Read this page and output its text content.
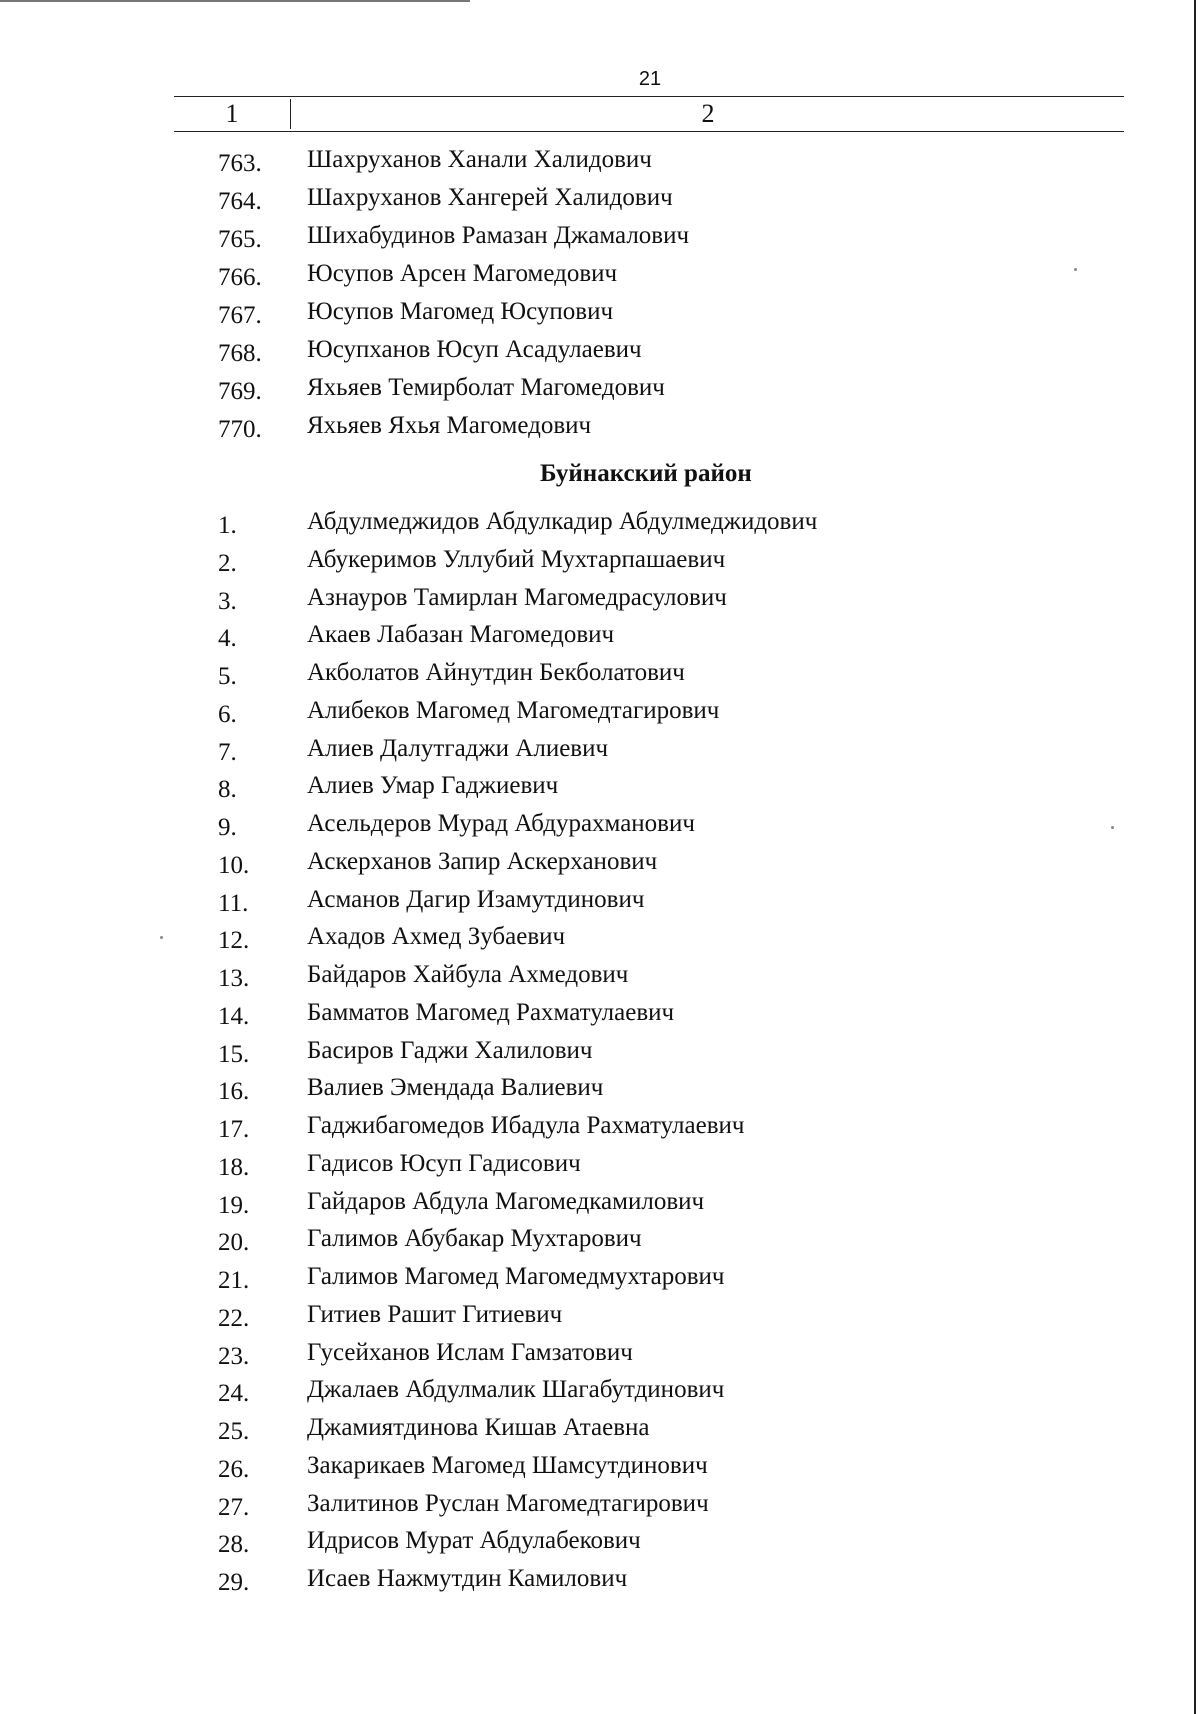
21
1	2
763.	Шахруханов Ханали Халидович
764.	Шахруханов Хангерей Халидович
765.	Шихабудинов Рамазан Джамалович
766.	Юсупов Арсен Магомедович
767.	Юсупов Магомед Юсупович
768.	Юсупханов Юсуп Асадулаевич
769.	Яхьяев Темирболат Магомедович
770.	Яхьяев Яхья Магомедович
Буйнакский район
1.	Абдулмеджидов Абдулкадир Абдулмеджидович
2.	Абукеримов Уллубий Мухтарпашаевич
3.	Азнауров Тамирлан Магомедрасулович
4.	Акаев Лабазан Магомедович
5.	Акболатов Айнутдин Бекболатович
6.	Алибеков Магомед Магомедтагирович
7.	Алиев Далутгаджи Алиевич
8.	Алиев Умар Гаджиевич
9.	Асельдеров Мурад Абдурахманович
10.	Аскерханов Запир Аскерханович
11.	Асманов Дагир Изамутдинович
12.	Ахадов Ахмед Зубаевич
13.	Байдаров Хайбула Ахмедович
14.	Бамматов Магомед Рахматулаевич
15.	Басиров Гаджи Халилович
16.	Валиев Эмендада Валиевич
17.	Гаджибагомедов Ибадула Рахматулаевич
18.	Гадисов Юсуп Гадисович
19.	Гайдаров Абдула Магомедкамилович
20.	Галимов Абубакар Мухтарович
21.	Галимов Магомед Магомедмухтарович
22.	Гитиев Рашит Гитиевич
23.	Гусейханов Ислам Гамзатович
24.	Джалаев Абдулмалик Шагабутдинович
25.	Джамиятдинова Кишав Атаевна
26.	Закарикаев Магомед Шамсутдинович
27.	Залитинов Руслан Магомедтагирович
28.	Идрисов Мурат Абдулабекович
29.	Исаев Нажмутдин Камилович
